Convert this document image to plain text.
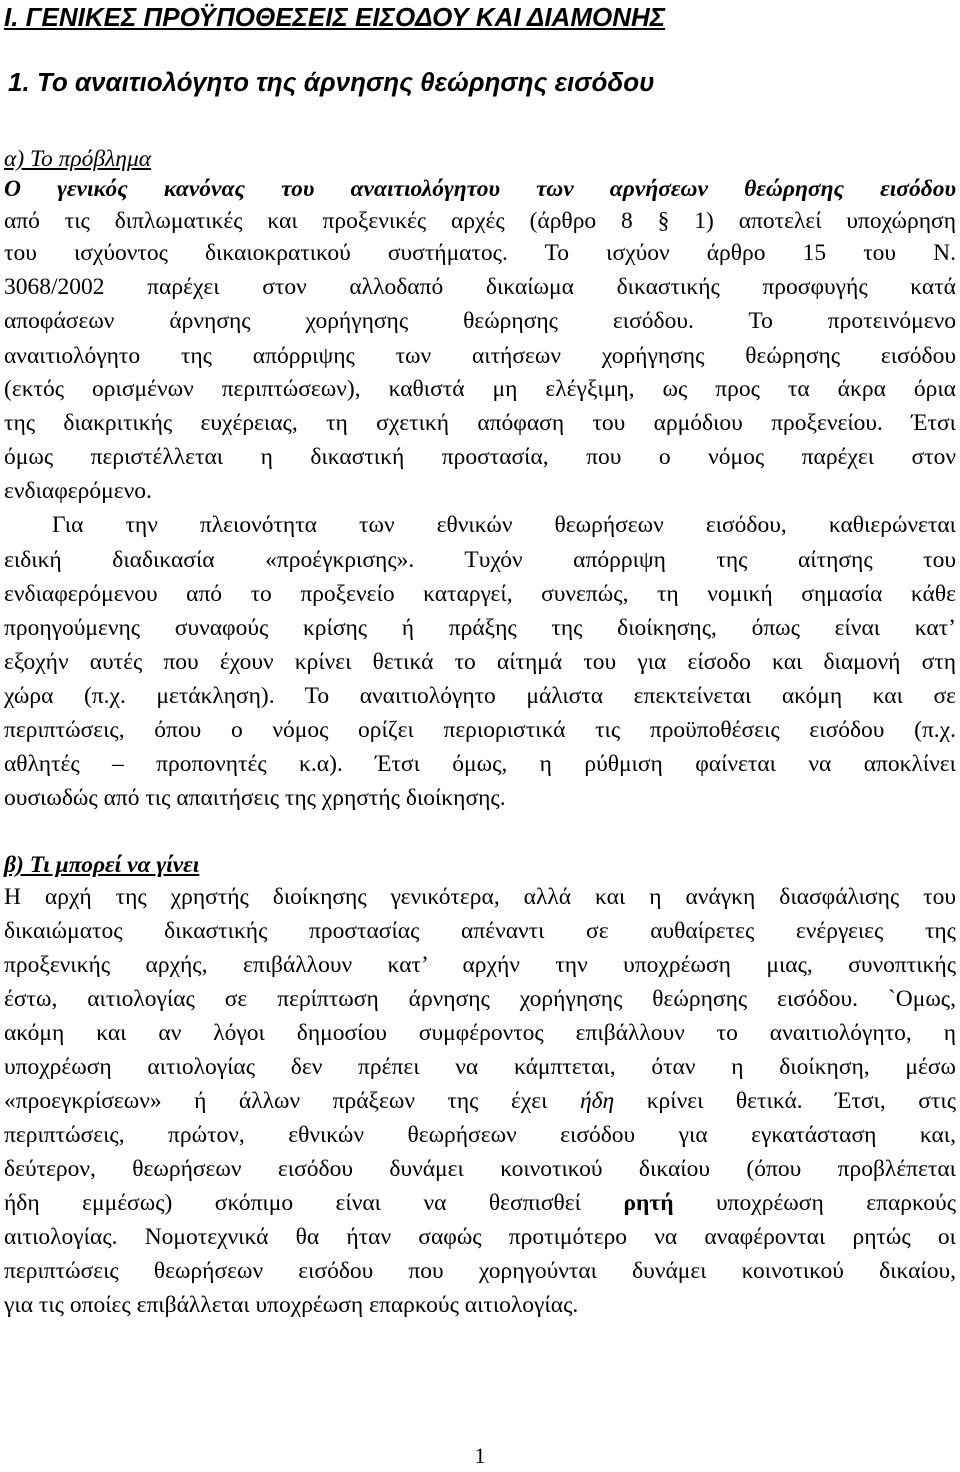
I. ΓΕΝΙΚΕΣ ΠΡΟΫΠΟΘΕΣΕΙΣ ΕΙΣΟΔΟΥ ΚΑΙ ΔΙΑΜΟΝΗΣ

1. Το αναιτιολόγητο της άρνησης θεώρησης εισόδου

α) Το πρόβλημα

Ο γενικός κανόνας του αναιτιολόγητου των αρνήσεων θεώρησης εισόδου

από τις διπλωματικές και προξενικές αρχές (άρθρο 8 § 1) αποτελεί υποχώρηση

του ισχύοντος δικαιοκρατικού συστήματος. Το ισχύον άρθρο 15 του Ν.

3068/2002 παρέχει στον αλλοδαπό δικαίωμα δικαστικής προσφυγής κατά

αποφάσεων άρνησης χορήγησης θεώρησης εισόδου. Το προτεινόμενο

αναιτιολόγητο της απόρριψης των αιτήσεων χορήγησης θεώρησης εισόδου

(εκτός ορισμένων περιπτώσεων), καθιστά μη ελέγξιμη, ως προς τα άκρα όρια

της διακριτικής ευχέρειας, τη σχετική απόφαση του αρμόδιου προξενείου. Έτσι

όμως περιστέλλεται η δικαστική προστασία, που ο νόμος παρέχει στον

ενδιαφερόμενο.

Για την πλειονότητα των εθνικών θεωρήσεων εισόδου, καθιερώνεται

ειδική διαδικασία «προέγκρισης». Τυχόν απόρριψη της αίτησης του

ενδιαφερόμενου από το προξενείο καταργεί, συνεπώς, τη νομική σημασία κάθε

προηγούμενης συναφούς κρίσης ή πράξης της διοίκησης, όπως είναι κατ’

εξοχήν αυτές που έχουν κρίνει θετικά το αίτημά του για είσοδο και διαμονή στη

χώρα (π.χ. μετάκληση). Το αναιτιολόγητο μάλιστα επεκτείνεται ακόμη και σε

περιπτώσεις, όπου ο νόμος ορίζει περιοριστικά τις προϋποθέσεις εισόδου (π.χ.

αθλητές – προπονητές κ.α). Έτσι όμως, η ρύθμιση φαίνεται να αποκλίνει

ουσιωδώς από τις απαιτήσεις της χρηστής διοίκησης.

β) Τι μπορεί να γίνει

Η αρχή της χρηστής διοίκησης γενικότερα, αλλά και η ανάγκη διασφάλισης του

δικαιώματος δικαστικής προστασίας απέναντι σε αυθαίρετες ενέργειες της

προξενικής αρχής, επιβάλλουν κατ’ αρχήν την υποχρέωση μιας, συνοπτικής

έστω, αιτιολογίας σε περίπτωση άρνησης χορήγησης θεώρησης εισόδου. `Ομως,

ακόμη και αν λόγοι δημοσίου συμφέροντος επιβάλλουν το αναιτιολόγητο, η

υποχρέωση αιτιολογίας δεν πρέπει να κάμπτεται, όταν η διοίκηση, μέσω

«προεγκρίσεων» ή άλλων πράξεων της έχει ήδη κρίνει θετικά. Έτσι, στις

περιπτώσεις, πρώτον, εθνικών θεωρήσεων εισόδου για εγκατάσταση και,

δεύτερον, θεωρήσεων εισόδου δυνάμει κοινοτικού δικαίου (όπου προβλέπεται

ήδη εμμέσως) σκόπιμο είναι να θεσπισθεί ρητή υποχρέωση επαρκούς

αιτιολογίας. Νομοτεχνικά θα ήταν σαφώς προτιμότερο να αναφέρονται ρητώς οι

περιπτώσεις θεωρήσεων εισόδου που χορηγούνται δυνάμει κοινοτικού δικαίου,

για τις οποίες επιβάλλεται υποχρέωση επαρκούς αιτιολογίας.

1
